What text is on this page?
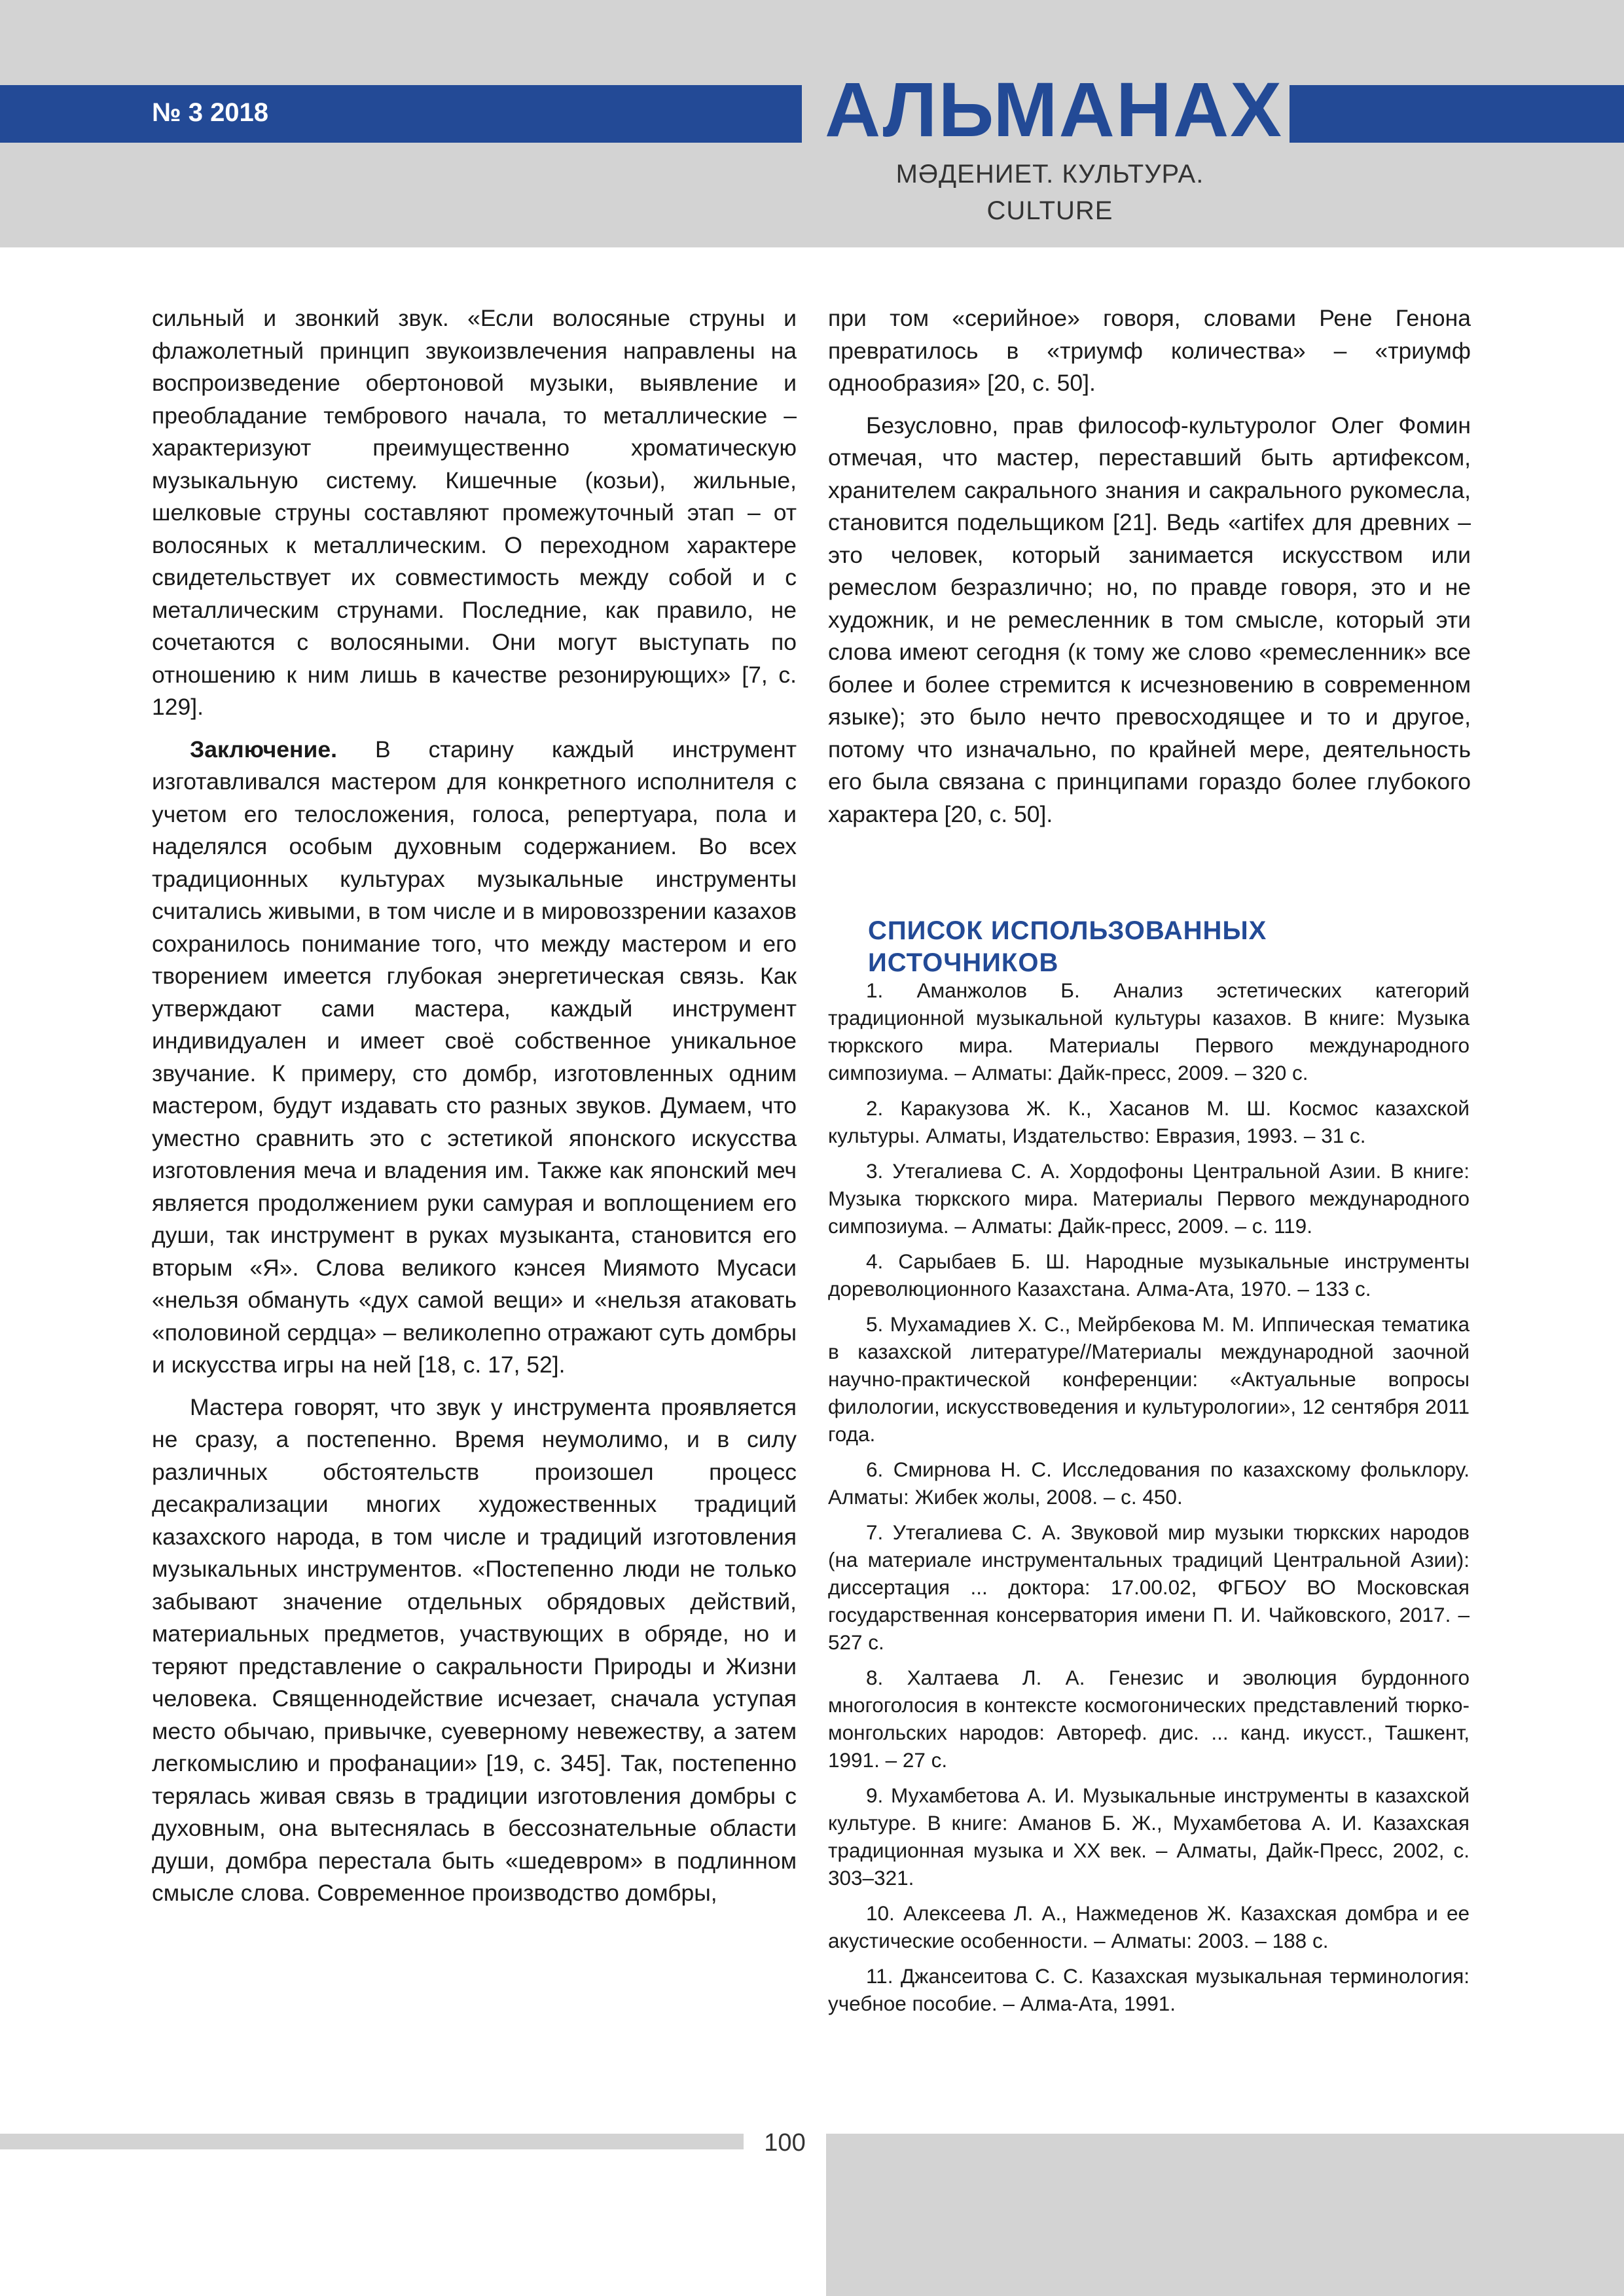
№ 3 2018	АЛЬМАНАХ
МӘДЕНИЕТ. КУЛЬТУРА. CULTURE

сильный и звонкий звук. «Если волосяные струны и флажолетный принцип звукоизвлечения направлены на воспроизведение обертоновой музыки, выявление и преобладание тембрового начала, то металлические – характеризуют преимущественно хроматическую музыкальную систему. Кишечные (козьи), жильные, шелковые струны составляют промежуточный этап – от волосяных к металлическим. О переходном характере свидетельствует их совместимость между собой и с металлическим струнами. Последние, как правило, не сочетаются с волосяными. Они могут выступать по отношению к ним лишь в качестве резонирующих» [7, с. 129].

Заключение. В старину каждый инструмент изготавливался мастером для конкретного исполнителя с учетом его телосложения, голоса, репертуара, пола и наделялся особым духовным содержанием. Во всех традиционных культурах музыкальные инструменты считались живыми, в том числе и в мировоззрении казахов сохранилось понимание того, что между мастером и его творением имеется глубокая энергетическая связь. Как утверждают сами мастера, каждый инструмент индивидуален и имеет своё собственное уникальное звучание. К примеру, сто домбр, изготовленных одним мастером, будут издавать сто разных звуков. Думаем, что уместно сравнить это с эстетикой японского искусства изготовления меча и владения им. Также как японский меч является продолжением руки самурая и воплощением его души, так инструмент в руках музыканта, становится его вторым «Я». Слова великого кэнсея Миямото Мусаси «нельзя обмануть «дух самой вещи» и «нельзя атаковать «половиной сердца» – великолепно отражают суть домбры и искусства игры на ней [18, с. 17, 52].

Мастера говорят, что звук у инструмента проявляется не сразу, а постепенно. Время неумолимо, и в силу различных обстоятельств произошел процесс десакрализации многих художественных традиций казахского народа, в том числе и традиций изготовления музыкальных инструментов. «Постепенно люди не только забывают значение отдельных обрядовых действий, материальных предметов, участвующих в обряде, но и теряют представление о сакральности Природы и Жизни человека. Священнодействие исчезает, сначала уступая место обычаю, привычке, суеверному невежеству, а затем легкомыслию и профанации» [19, с. 345]. Так, постепенно терялась живая связь в традиции изготовления домбры с духовным, она вытеснялась в бессознательные области души, домбра перестала быть «шедевром» в подлинном смысле слова. Современное производство домбры,

при том «серийное» говоря, словами Рене Генона превратилось в «триумф количества» – «триумф однообразия» [20, с. 50].

Безусловно, прав философ-культуролог Олег Фомин отмечая, что мастер, переставший быть артифексом, хранителем сакрального знания и сакрального рукомесла, становится подельщиком [21]. Ведь «artifex для древних – это человек, который занимается искусством или ремеслом безразлично; но, по правде говоря, это и не художник, и не ремесленник в том смысле, который эти слова имеют сегодня (к тому же слово «ремесленник» все более и более стремится к исчезновению в современном языке); это было нечто превосходящее и то и другое, потому что изначально, по крайней мере, деятельность его была связана с принципами гораздо более глубокого характера [20, с. 50].

СПИСОК ИСПОЛЬЗОВАННЫХ ИСТОЧНИКОВ

1. Аманжолов Б. Анализ эстетических категорий традиционной музыкальной культуры казахов. В книге: Музыка тюркского мира. Материалы Первого международного симпозиума. – Алматы: Дайк-пресс, 2009. – 320 с.

2. Каракузова Ж. К., Хасанов М. Ш. Космос казахской культуры. Алматы, Издательство: Евразия, 1993. – 31 с.

3. Утегалиева С. А. Хордофоны Центральной Азии. В книге: Музыка тюркского мира. Материалы Первого международного симпозиума. – Алматы: Дайк-пресс, 2009. – с. 119.

4. Сарыбаев Б. Ш. Народные музыкальные инструменты дореволюционного Казахстана. Алма-Ата, 1970. – 133 с.

5. Мухамадиев Х. С., Мейрбекова М. М. Иппическая тематика в казахской литературе//Материалы международной заочной научно-практической конференции: «Актуальные вопросы филологии, искусствоведения и культурологии», 12 сентября 2011 года.

6. Смирнова Н. С. Исследования по казахскому фольклору. Алматы: Жибек жолы, 2008. – с. 450.

7. Утегалиева С. А. Звуковой мир музыки тюркских народов (на материале инструментальных традиций Центральной Азии): диссертация ... доктора: 17.00.02, ФГБОУ ВО Московская государственная консерватория имени П. И. Чайковского, 2017. – 527 с.

8. Халтаева Л. А. Генезис и эволюция бурдонного многоголосия в контексте космогонических представлений тюрко-монгольских народов: Автореф. дис. ... канд. икусст., Ташкент, 1991. – 27 с.

9. Мухамбетова А. И. Музыкальные инструменты в казахской культуре. В книге: Аманов Б. Ж., Мухамбетова А. И. Казахская традиционная музыка и XX век. – Алматы, Дайк-Пресс, 2002, с. 303–321.

10. Алексеева Л. А., Нажмеденов Ж. Казахская домбра и ее акустические особенности. – Алматы: 2003. – 188 с.

11. Джансеитова С. С. Казахская музыкальная терминология: учебное пособие. – Алма-Ата, 1991.

100
